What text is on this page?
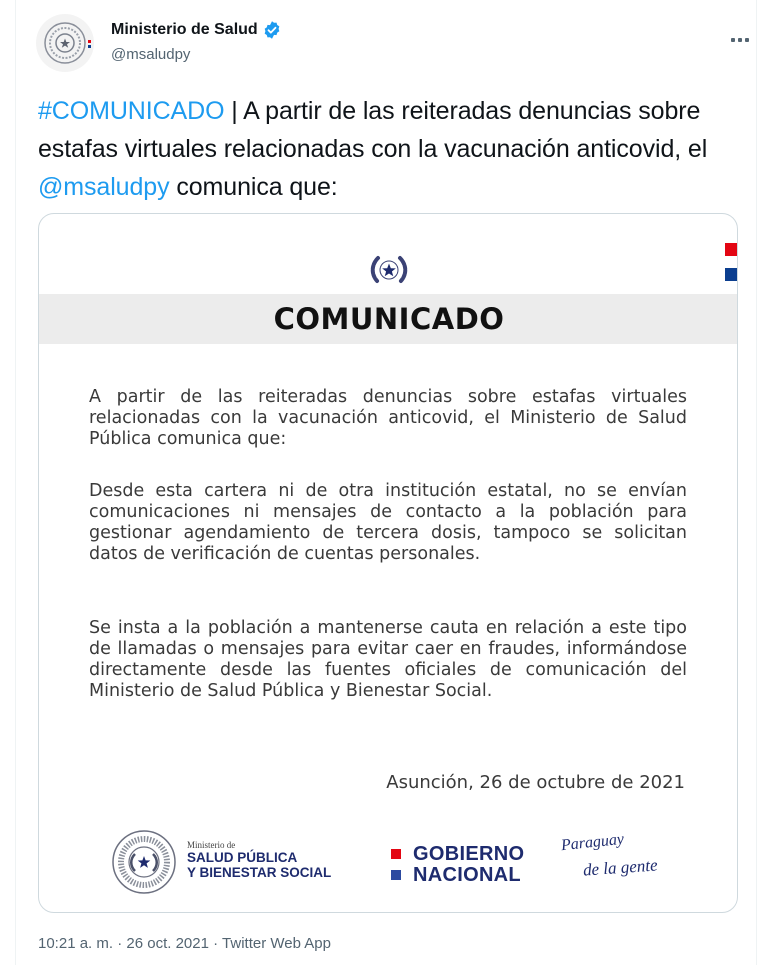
Ministerio de Salud
@msaludpy
#COMUNICADO | A partir de las reiteradas denuncias sobre estafas virtuales relacionadas con la vacunación anticovid, el @msaludpy comunica que:
COMUNICADO

A partir de las reiteradas denuncias sobre estafas virtuales relacionadas con la vacunación anticovid, el Ministerio de Salud Pública comunica que:

Desde esta cartera ni de otra institución estatal, no se envían comunicaciones ni mensajes de contacto a la población para gestionar agendamiento de tercera dosis, tampoco se solicitan datos de verificación de cuentas personales.

Se insta a la población a mantenerse cauta en relación a este tipo de llamadas o mensajes para evitar caer en fraudes, informándose directamente desde las fuentes oficiales de comunicación del Ministerio de Salud Pública y Bienestar Social.

Asunción, 26 de octubre de 2021
Ministerio de
SALUD PÚBLICA
Y BIENESTAR SOCIAL
GOBIERNO
NACIONAL
Paraguay
de la gente
10:21 a. m. · 26 oct. 2021 · Twitter Web App
